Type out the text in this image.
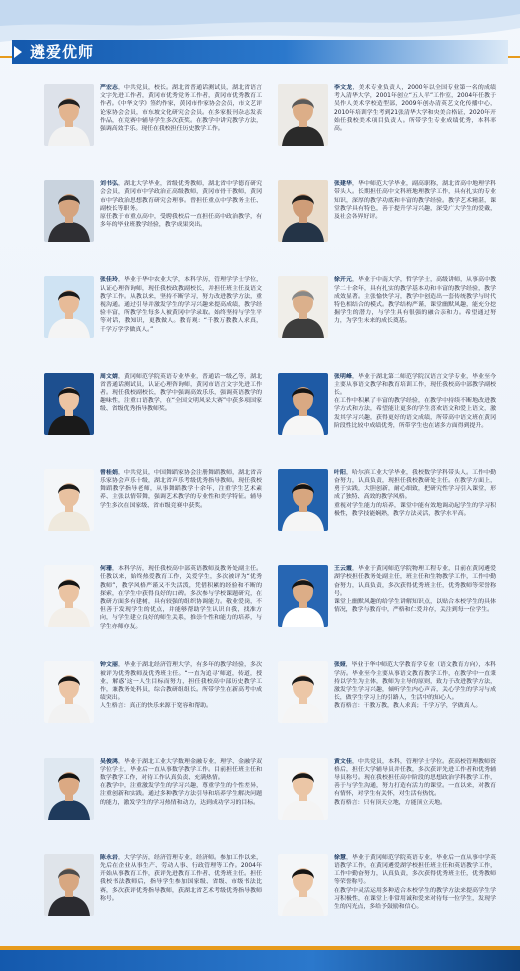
遴爱优师

严宏志，中共党员，校长。湖北省普通话测试员，湖北省语言文字先进工作者，黄冈市优秀党务工作者，黄冈市优秀教育工作者。《中华文学》签约作家，黄冈市作家协会会员，市文艺评论家协会会员，市东坡文化研究会会员。在多家报刊杂志发表作品，在竞赛中辅导学生多次获奖。在教学中讲究教学方法，强调高效手乐。现任在我校担任历史教学工作。

李文龙，美术专业负责人，2000年以全国专业第一名的成绩考入清华大学，2001年创立“五人半”工作室，2004年任教于吴作人美术学校造型部，2009年创办清英艺文化传播中心，2010年培训学生考到21张清华大学和央美合格证，2020年开始任我校美术项目负责人。所带学生专业成绩优秀，本科率高。

刘书弘，湖北大学毕业，省级优秀教师，湖北省中学德育研究会会员，黄冈市中学政治正高级教师，黄冈市骨干教师，黄冈市中学政治思想教育研究会理事。曾担任重点中学教务主任、副校长等职务。

原任教于市重点高中，受聘我校后一直担任高中政治教学，有多年的毕业班教学经验，教学成果突出。

张建华，华中师范大学毕业，副高职称，湖北省高中地理学科带头人。长期担任高中文科班地理教学工作，具有扎实的专业知识，深厚的教学功底和丰富的教学经验。教学艺术精湛，课堂教学具有特色，善于提升学习兴趣，深受广大学生的爱戴，及社会各界好评。

张佳玲，毕业于华中农业大学，本科学历，管理学学士学位，认证心理咨询师，现任我校政教副校长，并担任班主任及语文教学工作。从教以来，坚持不断学习，努力改进教学方法，重视沟通。通过引导并激发学生的学习兴趣来提高成绩，教学经验丰富，所教学生每多人被黄冈中学录取。始终坚持与学生平等对话，教知识，更教做人。教育观：“千教万教教人求真，千学万学学做真人。”

徐开元，毕业于中南大学，哲学学士，高级讲师，从事高中教学二十余年，具有扎实的教学基本功和丰富的教学经验，教学成效显著。主张愉快学习，教学中创造出一套传统教学与时代特色相结合的模式。教学结构严谨，课堂幽默风趣，能充分挖掘学生的潜力，与学生具有很强的融合亲和力。希望通过努力，为学生未来的成长奠基。

周文婧，黄冈师范学院英语专业毕业，普通话一级乙等，湖北省普通话测试员，认证心理咨询师，黄冈市语言文字先进工作者。现任我校副校长，教学中强调高效乐乐，强调英语教学的趣味性，注重口语教学，在“全国文明风采大赛”中获多项国家级、省级优秀指导教师奖。

张明峰，毕业于湖北第二师范学院汉语言文学专业，毕业至今主要从事语文教学和教育培训工作，现任我校高中部教学副校长。

在工作中积累了丰富的教学经验，在教学中持续不断地改进教学方式和方法，希望能让更多的学生喜欢语文和爱上语文，激发其学习兴趣，获得更好的语文成绩，所带高中语文班在黄冈阶段性比较中成绩优秀，所带学生也在诸多方面得到提升。

曾桂娟，中共党员，中国舞蹈家协会注册舞蹈教师，湖北省音乐家协会声乐十级，湖北省声乐考级优秀指导教师。现任我校舞蹈教学指导老师，从事舞蹈教学十余年，注重学生艺术素养、主张以情带舞，强调艺术教学的专业性和美学特征。辅导学生多次在国家级、省市级竞赛中获奖。

叶阳，哈尔滨工业大学毕业，我校数学学科带头人。工作中勤奋努力，认真负责，现担任我校教研处主任。在教学方面上，勇于实践，大胆创新，耐心细致，把研究性学习引入课堂，形成了独特、高效的教学风格。

重视对学生能力的培养，课堂中能有效地调动起学生的学习积极性，教学技能娴熟，教学方法灵活，教学水平高。

何珊，本科学历，现任我校高中部英语教师及教务处副主任。任教以来，始终热爱教育工作，关爱学生，多次被评为“优秀教师”，教学风格严谨又不失活泼，凭借积累的经验和不断的探索，在学生中获得良好的口碑。多次参与学校课题研究，在教研方面多有建树，具有较强的组织协调能力。敬业爱岗，不但善于发现学生的优点，并能够帮助学生认识自我，找准方向，与学生建立良好的师生关系，推崇个性和能力的培养，与学生亦师亦友。

王云霞，毕业于黄冈师范学院物理工程专业，目前在黄冈遴爱湖学校担任教务处副主任，班主任和生物教学工作，工作中勤奋努力，认真负责，多次获得优秀班主任，优秀教师等荣誉称号。

课堂上幽默风趣的给学生讲解知识点，以贴合本校学生的具体情况，教学与教育中，严格和仁爱并存，关注到每一位学生。

钟文丽，毕业于湖北经济管理大学，有多年的教学经验，多次被评为优秀教师及优秀班主任。“一直为追寻‘师道，传道，授业，解惑’这一人生目标而努力，担任我校高中部历史教学工作，兼教务处科员，综合教研组组长。所带学生在新高考中成绩突出。

人生格言：真正的快乐来源于宽容和帮助。

张娅，毕业于华中师范大学教育学专业（语文教育方向），本科学历。毕业至今主要从事语文教育教学工作，在教学中一直秉持以学生为主体，教师为主导的原则，致力于改进教学方法，激发学生学习兴趣，倾听学生内心声音，关心学生的学习与成长，做学生学习上的引路人，生活中的知心人。

教育格言：干教万教，教人求真；千学万学，学做真人。

吴俊鸿，毕业于湖北工业大学数理金融专业，理学、金融学双学位学士，毕业后一直从事数学教学工作。目前担任班主任和数学教学工作，对待工作认真负责、充满热情。

在教学中，注重激发学生的学习兴趣，尊重学生的个性差异，注重创新和实践。通过多种教学方法引导和培养学生解决问题的能力，激发学生的学习热情和动力，达到成功学习的目标。

黄文佳，中共党员，本科，管理学士学位。获高校管理教师资格后，担任大学辅导员并任教，多次获评先进工作者和优秀辅导员称号。现在我校担任高中阶段的思想政治学科教学工作，善于与学生沟通，努力打造有活力的课堂。一直以来，对教育有情怀，对学生有关怀，对生活有热忱。

教育格言：只有顶天立地，方能顶立天地。

陈永岩，大学学历，经济管理专业，经济师。参加工作以来，先后在企业从事生产、劳动人事、行政管理等工作。2004年开始从事教育工作，获评先进教育工作者、优秀班主任。担任我校书法教师后，指导学生参加国家级、省级、市级书法比赛，多次获评优秀指导教师，获湖北省艺术考级优秀指导教师称号。

徐慧，毕业于黄冈师范学院英语专业，毕业后一直从事中学英语教学工作，在黄冈遴爱湖学校担任班主任和英语教学工作，工作中勤奋努力，认真负责，多次获得优秀班主任，优秀教师等荣誉称号。

在教学中灵活运用多种适合本校学生的教学方法来提高学生学习积极性，在课堂上非常用诚和爱来对待每一位学生，发现学生的闪光点，多给予鼓励和信心。
